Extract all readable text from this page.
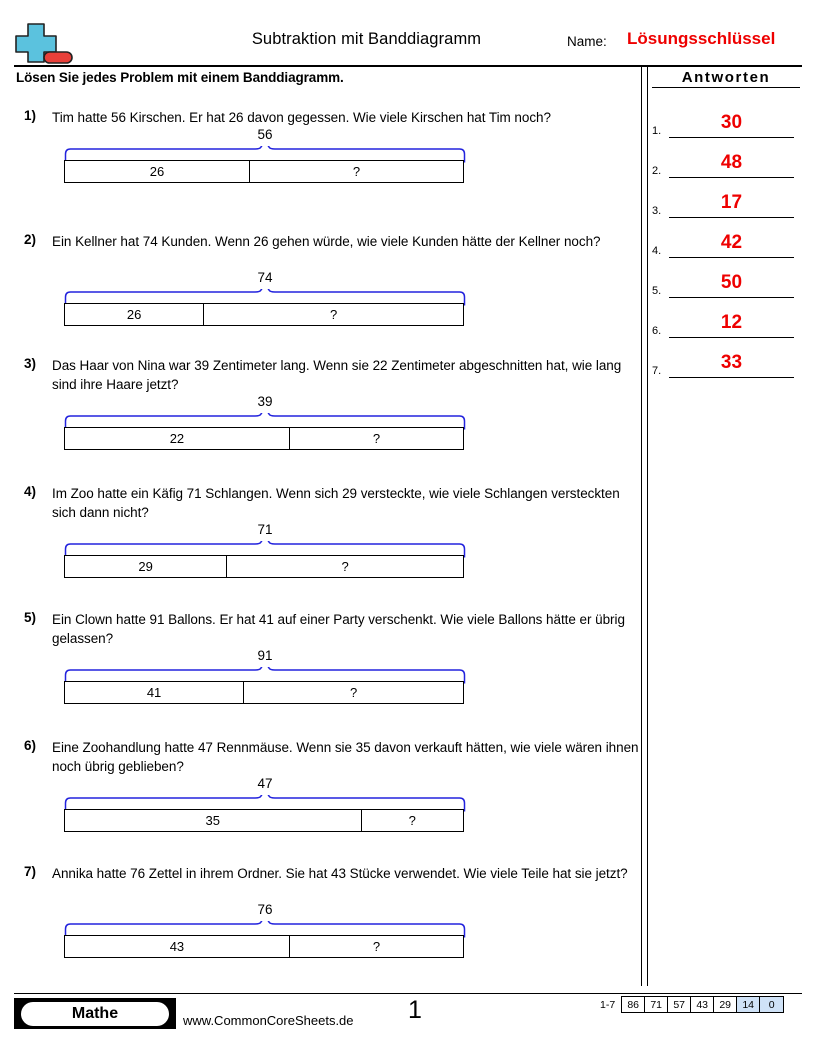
Subtraktion mit Banddiagramm	Name: Lösungsschlüssel
Lösen Sie jedes Problem mit einem Banddiagramm.	Antworten
1.	30
2.	48
3.	17
4.	42
5.	50
6.	12
7.	33
1) Tim hatte 56 Kirschen. Er hat 26 davon gegessen. Wie viele Kirschen hat Tim noch?
56
26	?
2) Ein Kellner hat 74 Kunden. Wenn 26 gehen würde, wie viele Kunden hätte der Kellner noch?
74
26	?
3) Das Haar von Nina war 39 Zentimeter lang. Wenn sie 22 Zentimeter abgeschnitten hat, wie lang sind ihre Haare jetzt?
39
22	?
4) Im Zoo hatte ein Käfig 71 Schlangen. Wenn sich 29 versteckte, wie viele Schlangen versteckten sich dann nicht?
71
29	?
5) Ein Clown hatte 91 Ballons. Er hat 41 auf einer Party verschenkt. Wie viele Ballons hätte er übrig gelassen?
91
41	?
6) Eine Zoohandlung hatte 47 Rennmäuse. Wenn sie 35 davon verkauft hätten, wie viele wären ihnen noch übrig geblieben?
47
35	?
7) Annika hatte 76 Zettel in ihrem Ordner. Sie hat 43 Stücke verwendet. Wie viele Teile hat sie jetzt?
76
43	?
Mathe	www.CommonCoreSheets.de 1	1-7	86	71	57	43	29	14	0
